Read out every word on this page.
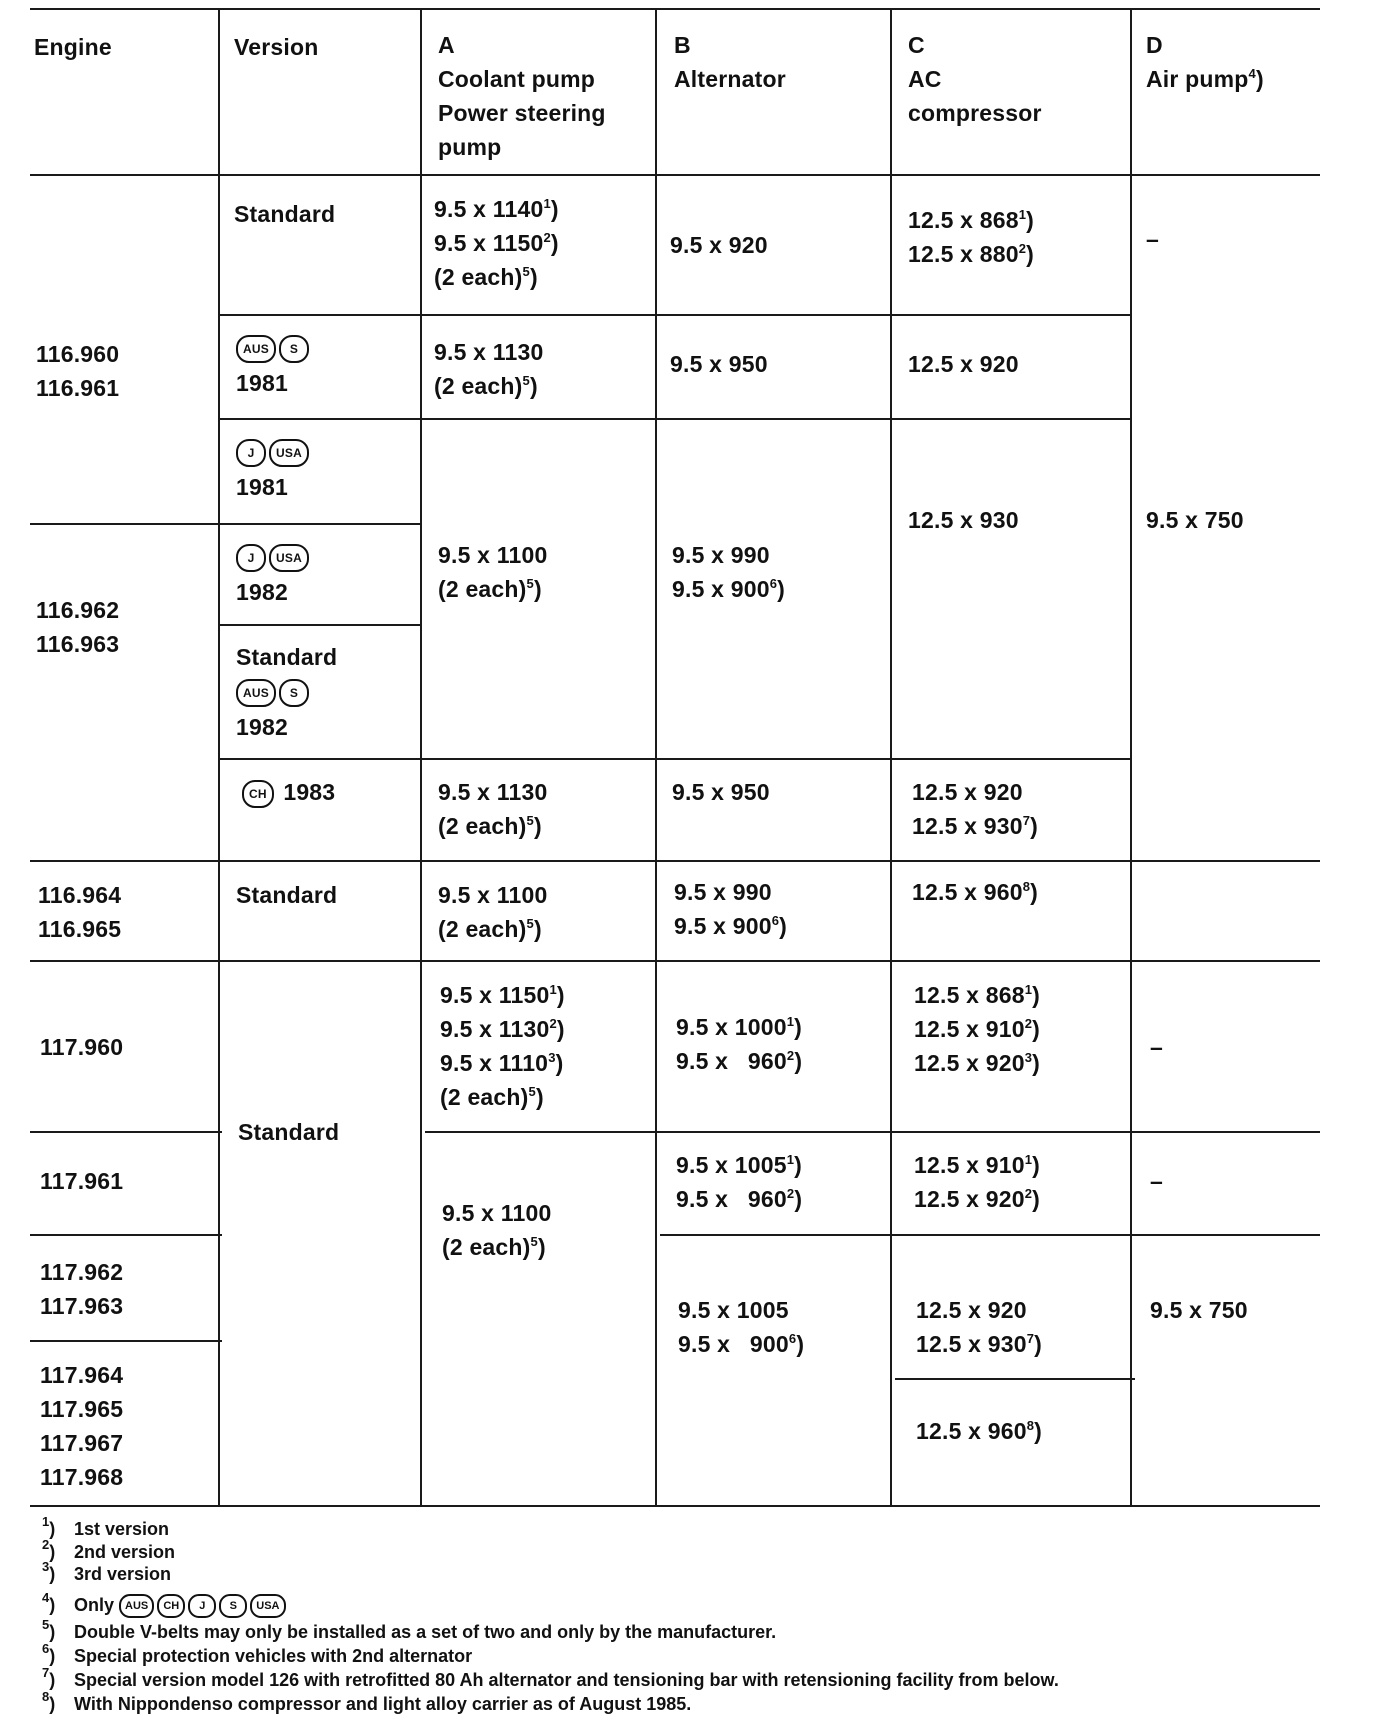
Engine	Version	A
Coolant pump
Power steering
pump
B
Alternator
C
AC
compressor
D
Air pump$^4$)
116.960
116.961
116.962
116.963
116.964
116.965
117.960
117.961
117.962
117.963
117.964
117.965
117.967
117.968
Standard
AUS S
1981
J USA
1981
J USA
1982
Standard
AUS S
1982
CH 1983
Standard
Standard
9.5 x 1140$^1$)
9.5 x 1150$^2$)
(2 each)$^5$)
9.5 x 1130
(2 each)$^5$)
9.5 x 1100
(2 each)$^5$)
9.5 x 1130
(2 each)$^5$)
9.5 x 1100
(2 each)$^5$)
9.5 x 1150$^1$)
9.5 x 1130$^2$)
9.5 x 1110$^3$)
(2 each)$^5$)
9.5 x 1100
(2 each)$^5$)
9.5 x 920
9.5 x 950
9.5 x 990
9.5 x $900^6$)
9.5 x 950
9.5 x 990
9.5 x $900^6$)
9.5 x 1000$^1$)
9.5 x   $960^2$)
9.5 x 1005$^1$)
9.5 x   $960^2$)
9.5 x 1005
9.5 x   $900^6$)
12.5 x $868^1$)
12.5 x $880^2$)
12.5 x 920
12.5 x 930
12.5 x 920
12.5 x $930^7$)
12.5 x $960^8$)
12.5 x $868^1$)
12.5 x $910^2$)
12.5 x $920^3$)
12.5 x $910^1$)
12.5 x $920^2$)
12.5 x 920
12.5 x $930^7$)
12.5 x $960^8$)
–
9.5 x 750
–
–
9.5 x 750
$^1$) 1st version
$^2$) 2nd version
$^3$) 3rd version
$^4$) Only AUS CH J S USA
$^5$) Double V-belts may only be installed as a set of two and only by the manufacturer.
$^6$) Special protection vehicles with 2nd alternator
$^7$) Special version model 126 with retrofitted 80 Ah alternator and tensioning bar with retensioning facility from below.
$^8$) With Nippondenso compressor and light alloy carrier as of August 1985.
